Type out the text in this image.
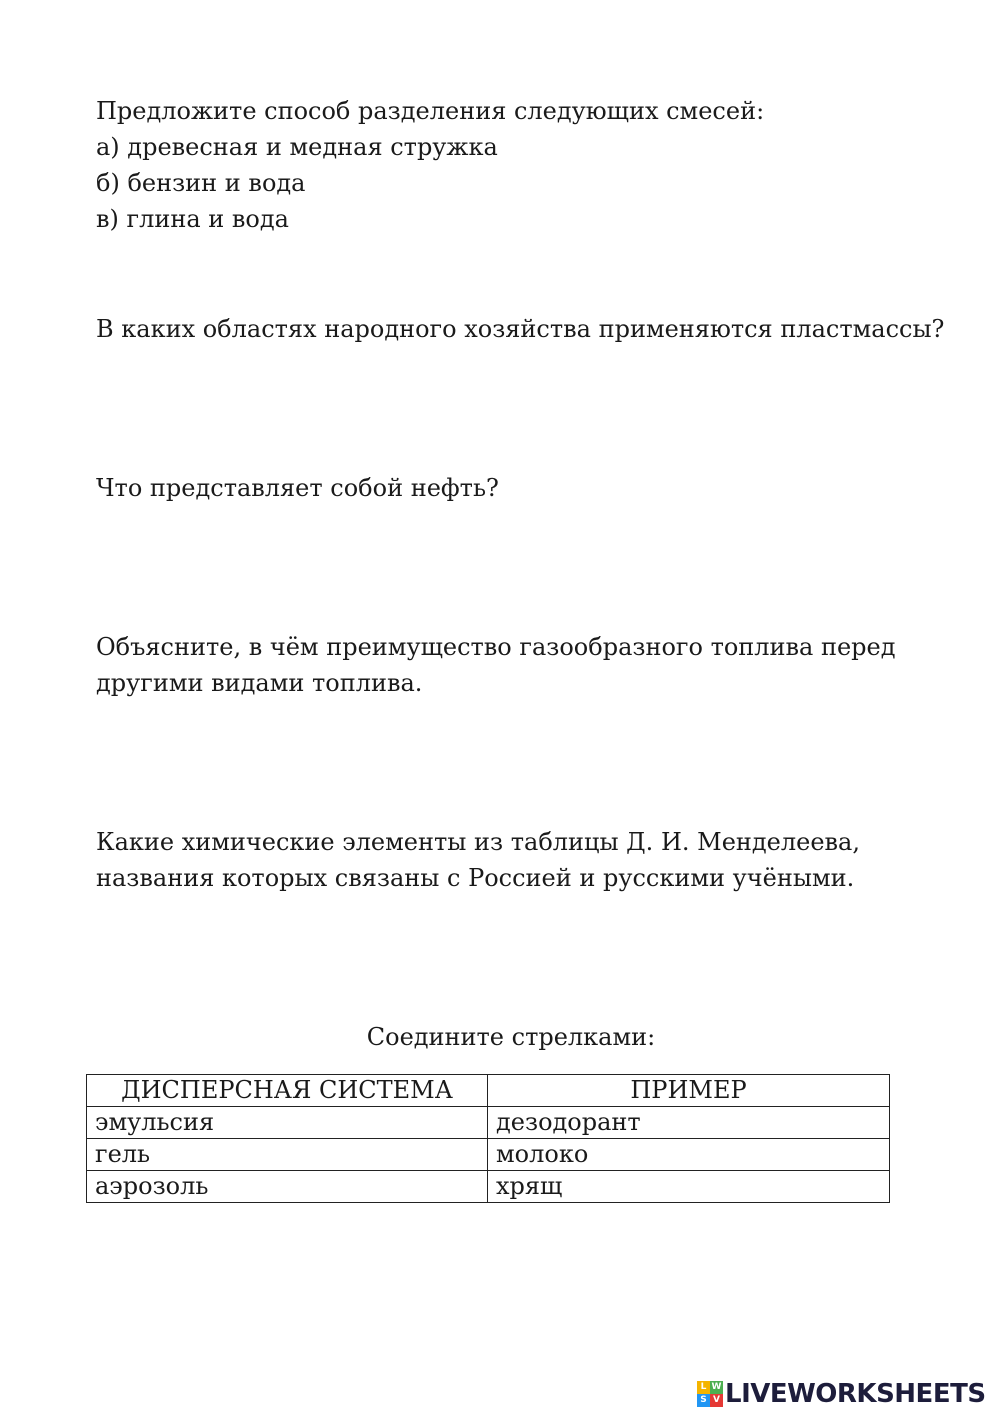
Предложите способ разделения следующих смесей:

а) древесная и медная стружка

б) бензин и вода

в) глина и вода

В каких областях народного хозяйства применяются пластмассы?

Что представляет собой нефть?

Объясните, в чём преимущество газообразного топлива перед

другими видами топлива.

Какие химические элементы из таблицы Д. И. Менделеева,

названия которых связаны с Россией и русскими учёными.

Соедините стрелками:

ДИСПЕРСНАЯ СИСТЕМА	ПРИМЕР
эмульсия	дезодорант
гель	молоко
аэрозоль	хрящ
L W
S V LIVEWORKSHEETS
